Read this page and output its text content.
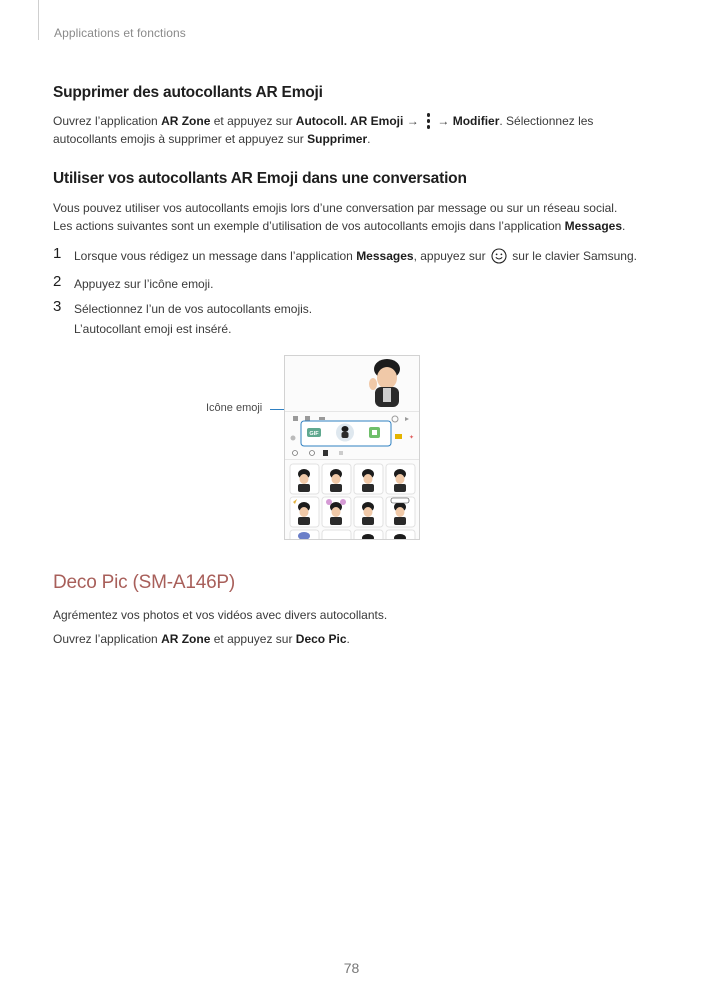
Applications et fonctions
Supprimer des autocollants AR Emoji
Ouvrez l’application AR Zone et appuyez sur Autocoll. AR Emoji →
→ Modifier. Sélectionnez les
autocollants emojis à supprimer et appuyez sur Supprimer.
Utiliser vos autocollants AR Emoji dans une conversation
Vous pouvez utiliser vos autocollants emojis lors d’une conversation par message ou sur un réseau social.
Les actions suivantes sont un exemple d’utilisation de vos autocollants emojis dans l’application Messages.
1 Lorsque vous rédigez un message dans l’application Messages, appuyez sur  sur le clavier Samsung.
2 Appuyez sur l’icône emoji.
3 Sélectionnez l’un de vos autocollants emojis.
L’autocollant emoji est inséré.
Icône emoji
GIF
✦
Deco Pic (SM-A146P)
Agrémentez vos photos et vos vidéos avec divers autocollants.
Ouvrez l’application AR Zone et appuyez sur Deco Pic.
78
